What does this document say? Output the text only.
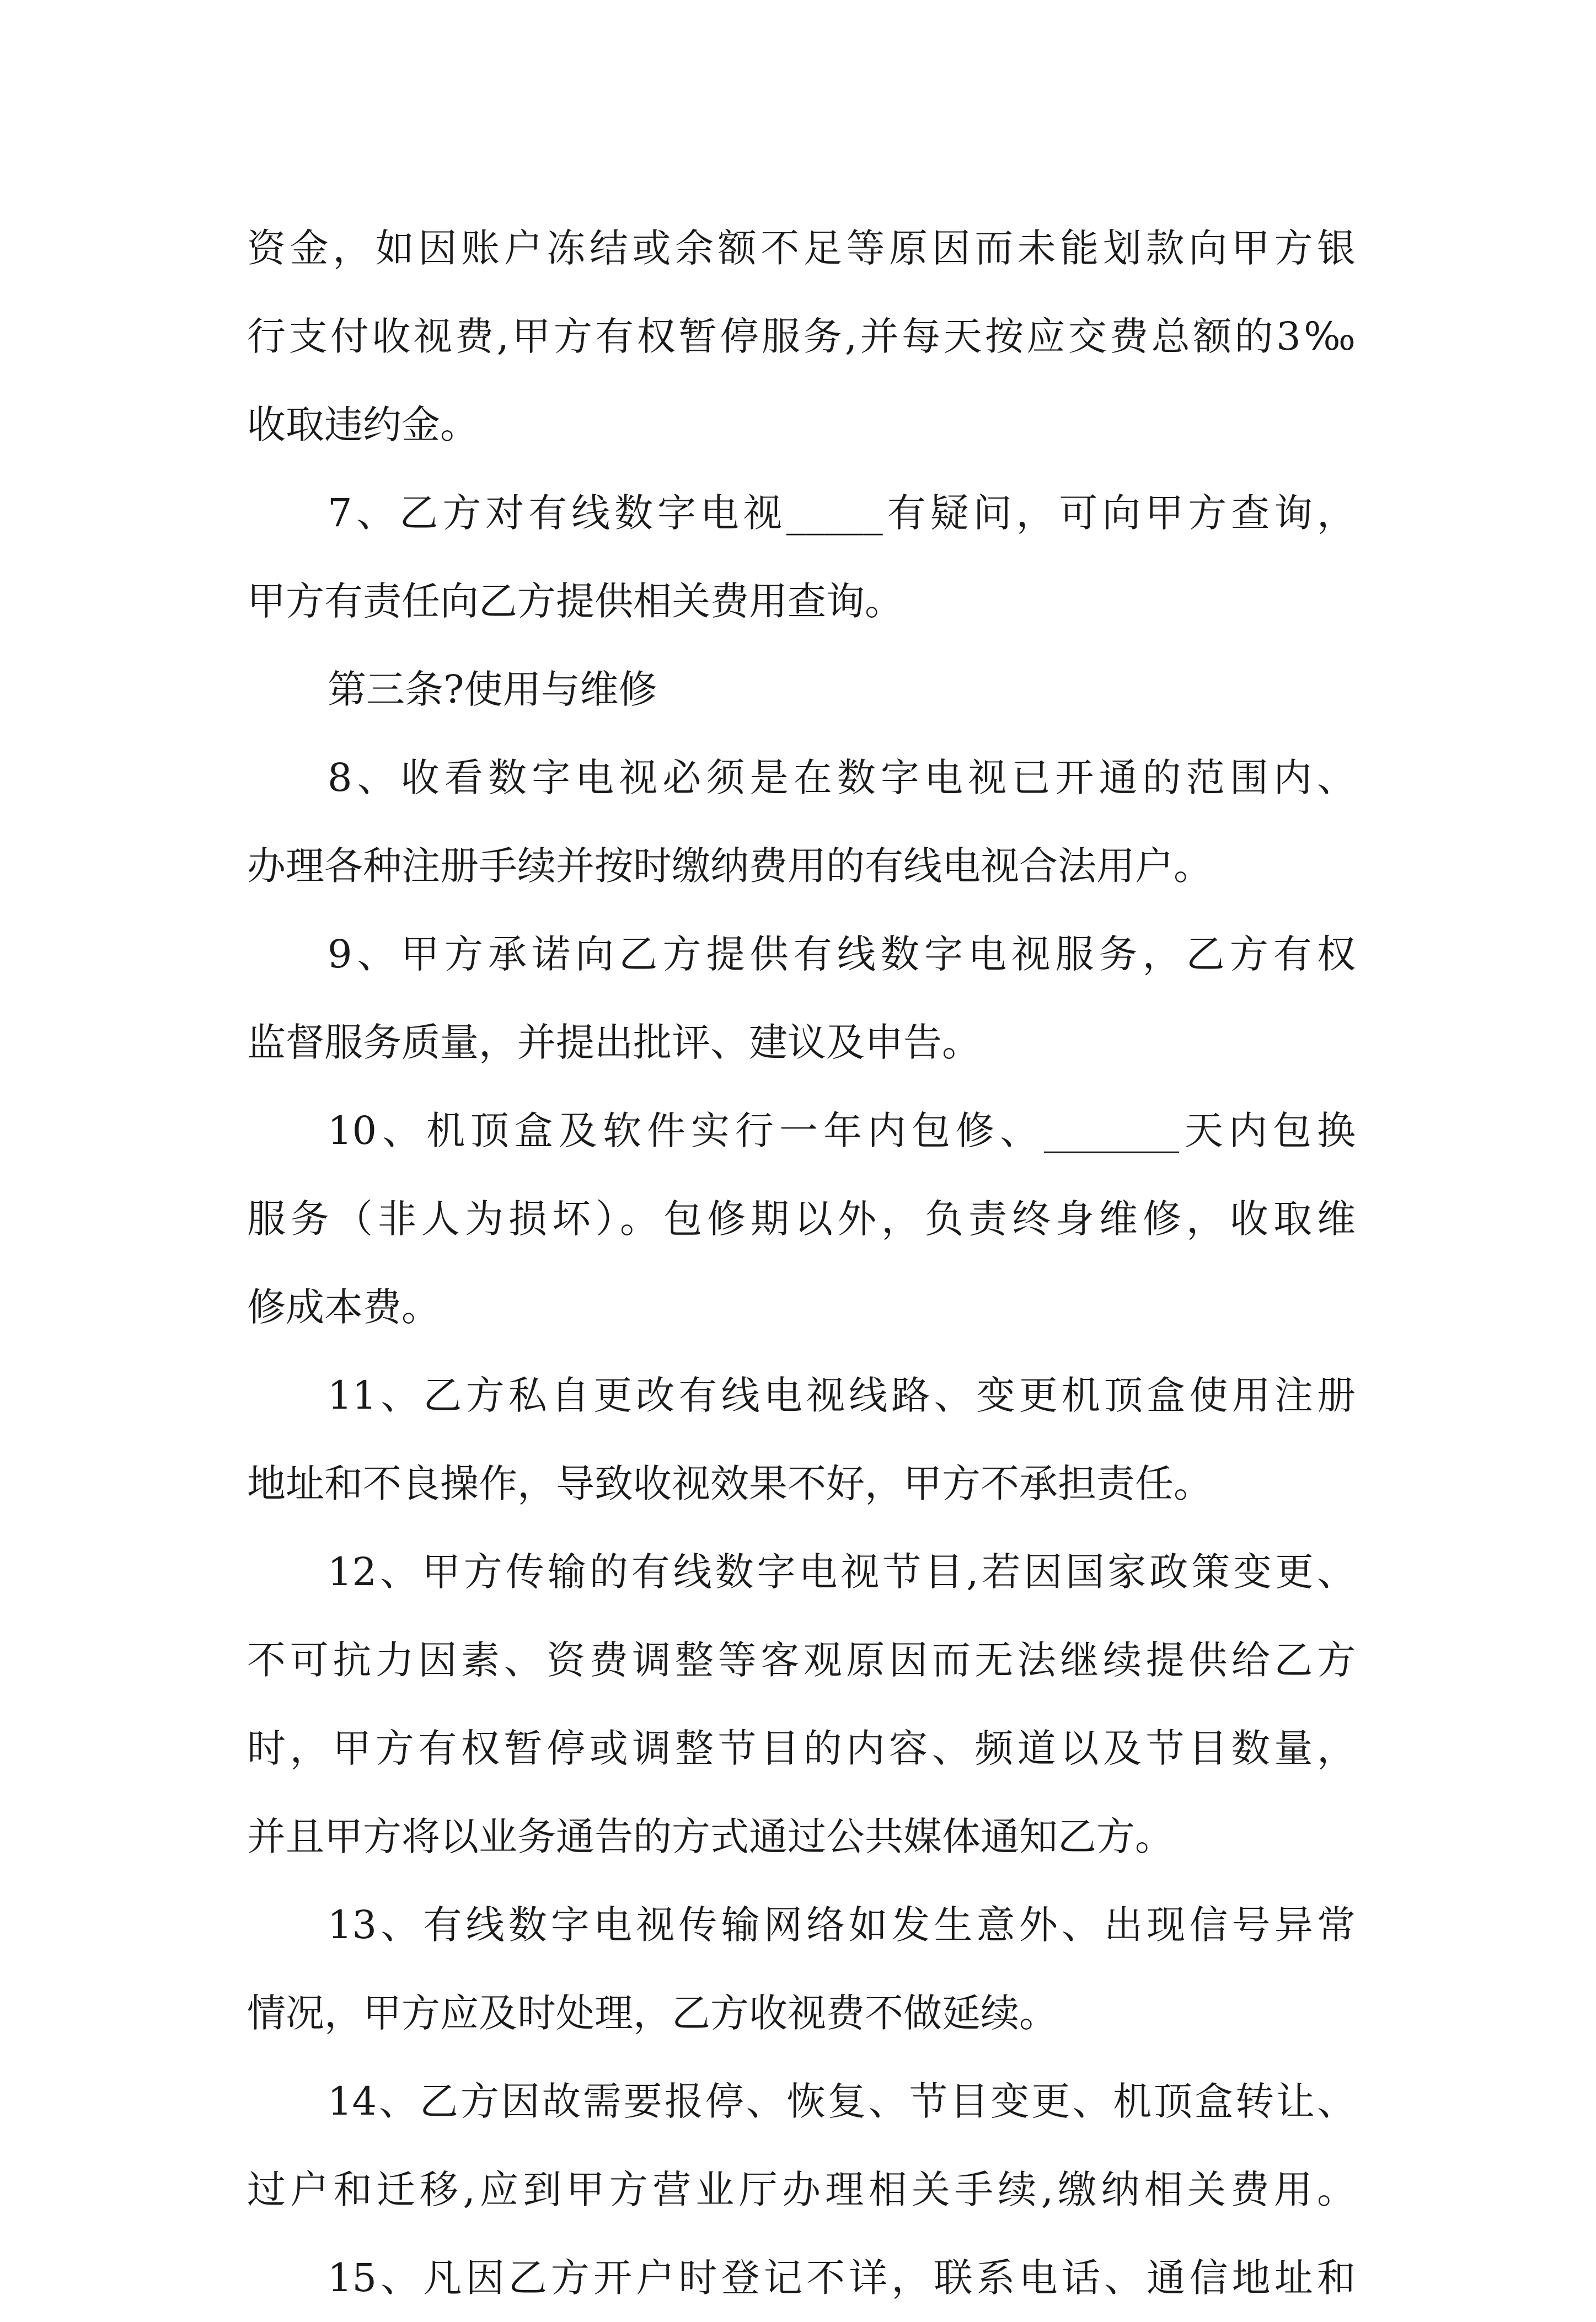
资金，如因账户冻结或余额不足等原因而未能划款向甲方银
行支付收视费,甲方有权暂停服务,并每天按应交费总额的3‰
收取违约金。
7、乙方对有线数字电视_____有疑问，可向甲方查询，
甲方有责任向乙方提供相关费用查询。
第三条?使用与维修
8、收看数字电视必须是在数字电视已开通的范围内、
办理各种注册手续并按时缴纳费用的有线电视合法用户。
9、甲方承诺向乙方提供有线数字电视服务，乙方有权
监督服务质量，并提出批评、建议及申告。
10、机顶盒及软件实行一年内包修、_______天内包换
服务（非人为损坏）。包修期以外，负责终身维修，收取维
修成本费。
11、乙方私自更改有线电视线路、变更机顶盒使用注册
地址和不良操作，导致收视效果不好，甲方不承担责任。
12、甲方传输的有线数字电视节目,若因国家政策变更、
不可抗力因素、资费调整等客观原因而无法继续提供给乙方
时，甲方有权暂停或调整节目的内容、频道以及节目数量，
并且甲方将以业务通告的方式通过公共媒体通知乙方。
13、有线数字电视传输网络如发生意外、出现信号异常
情况，甲方应及时处理，乙方收视费不做延续。
14、乙方因故需要报停、恢复、节目变更、机顶盒转让、
过户和迁移,应到甲方营业厅办理相关手续,缴纳相关费用。
15、凡因乙方开户时登记不详，联系电话、通信地址和
